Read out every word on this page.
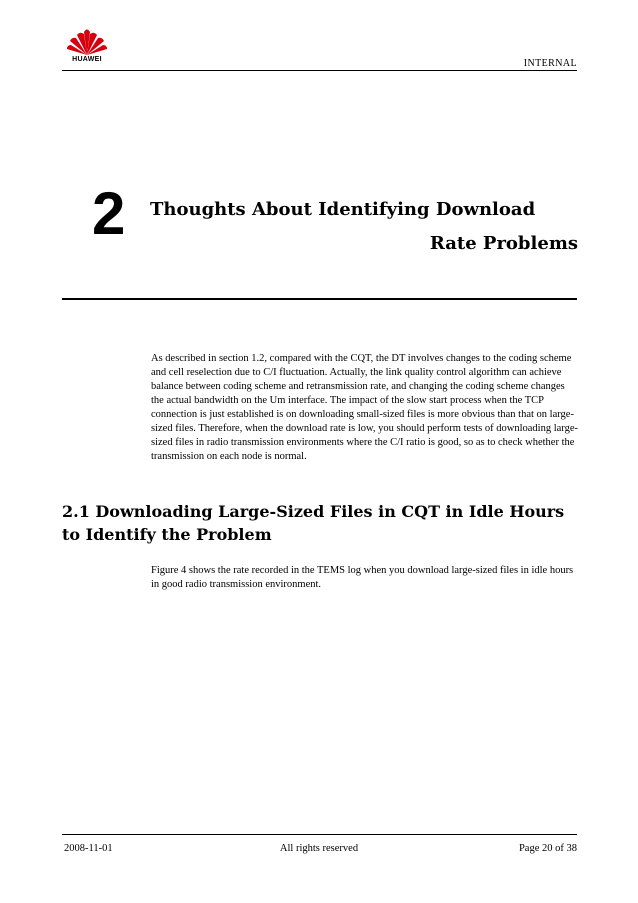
HUAWEI	INTERNAL
2 Thoughts About Identifying Download
Rate Problems

As described in section 1.2, compared with the CQT, the DT involves changes to the coding scheme and cell reselection due to C/I fluctuation. Actually, the link quality control algorithm can achieve balance between coding scheme and retransmission rate, and changing the coding scheme changes the actual bandwidth on the Um interface. The impact of the slow start process when the TCP connection is just established is on downloading small-sized files is more obvious than that on large-sized files. Therefore, when the download rate is low, you should perform tests of downloading large-sized files in radio transmission environments where the C/I ratio is good, so as to check whether the transmission on each node is normal.

2.1 Downloading Large-Sized Files in CQT in Idle Hours to Identify the Problem

Figure 4 shows the rate recorded in the TEMS log when you download large-sized files in idle hours in good radio transmission environment.

2008-11-01	All rights reserved	Page 20 of 38
